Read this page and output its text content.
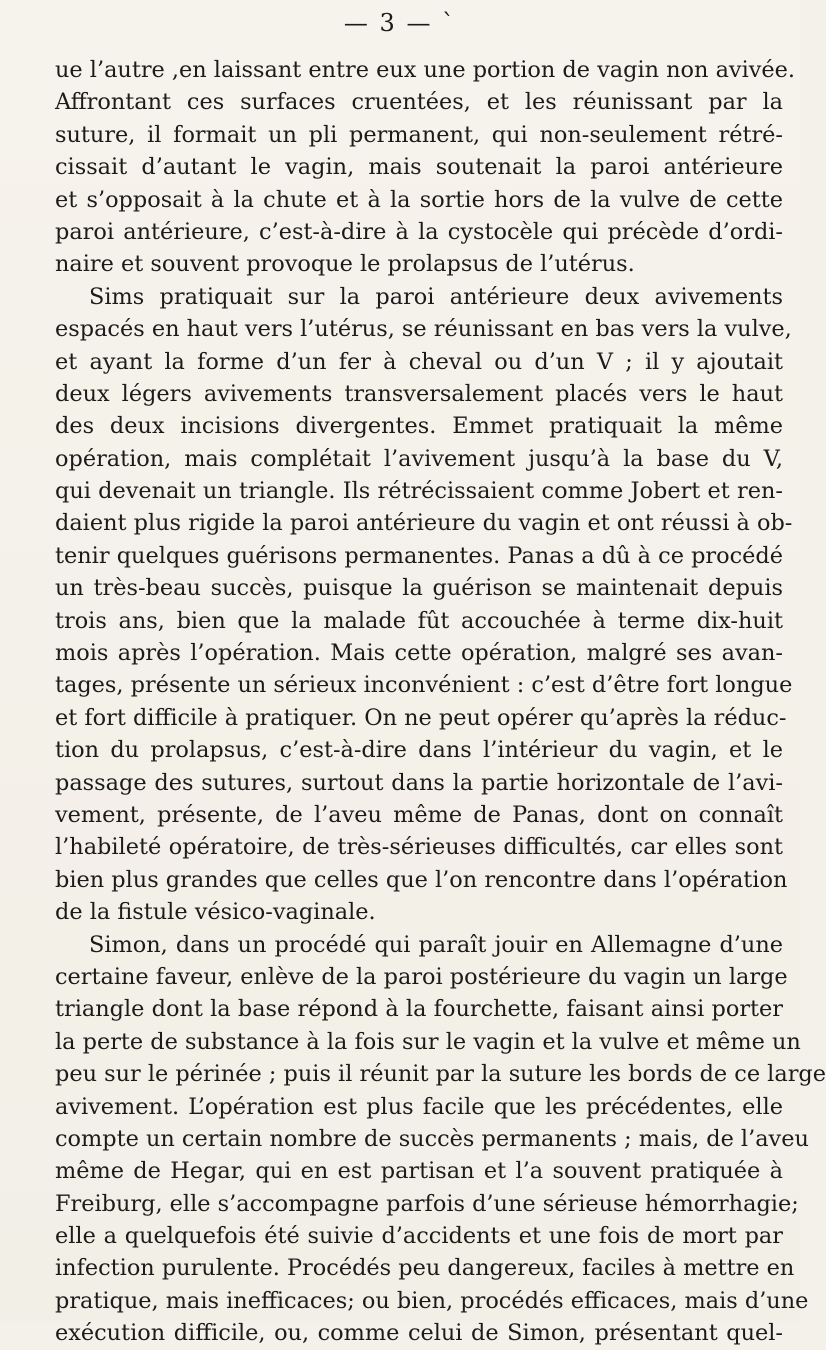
— 3 — ˋ
ue l’autre ,en laissant entre eux une portion de vagin non avivée.
Affrontant ces surfaces cruentées, et les réunissant par la
suture, il formait un pli permanent, qui non-seulement rétré-
cissait d’autant le vagin, mais soutenait la paroi antérieure
et s’opposait à la chute et à la sortie hors de la vulve de cette
paroi antérieure, c’est-à-dire à la cystocèle qui précède d’ordi-
naire et souvent provoque le prolapsus de l’utérus.
Sims pratiquait sur la paroi antérieure deux avivements
espacés en haut vers l’utérus, se réunissant en bas vers la vulve,
et ayant la forme d’un fer à cheval ou d’un V ; il y ajoutait
deux légers avivements transversalement placés vers le haut
des deux incisions divergentes. Emmet pratiquait la même
opération, mais complétait l’avivement jusqu’à la base du V,
qui devenait un triangle. Ils rétrécissaient comme Jobert et ren-
daient plus rigide la paroi antérieure du vagin et ont réussi à ob-
tenir quelques guérisons permanentes. Panas a dû à ce procédé
un très-beau succès, puisque la guérison se maintenait depuis
trois ans, bien que la malade fût accouchée à terme dix-huit
mois après l’opération. Mais cette opération, malgré ses avan-
tages, présente un sérieux inconvénient : c’est d’être fort longue
et fort difficile à pratiquer. On ne peut opérer qu’après la réduc-
tion du prolapsus, c’est-à-dire dans l’intérieur du vagin, et le
passage des sutures, surtout dans la partie horizontale de l’avi-
vement, présente, de l’aveu même de Panas, dont on connaît
l’habileté opératoire, de très-sérieuses difficultés, car elles sont
bien plus grandes que celles que l’on rencontre dans l’opération
de la fistule vésico-vaginale.
Simon, dans un procédé qui paraît jouir en Allemagne d’une
certaine faveur, enlève de la paroi postérieure du vagin un large
triangle dont la base répond à la fourchette, faisant ainsi porter
la perte de substance à la fois sur le vagin et la vulve et même un
peu sur le périnée ; puis il réunit par la suture les bords de ce large
avivement. L’opération est plus facile que les précédentes, elle
compte un certain nombre de succès permanents ; mais, de l’aveu
même de Hegar, qui en est partisan et l’a souvent pratiquée à
Freiburg, elle s’accompagne parfois d’une sérieuse hémorrhagie;
elle a quelquefois été suivie d’accidents et une fois de mort par
infection purulente. Procédés peu dangereux, faciles à mettre en
pratique, mais inefficaces; ou bien, procédés efficaces, mais d’une
exécution difficile, ou, comme celui de Simon, présentant quel-
